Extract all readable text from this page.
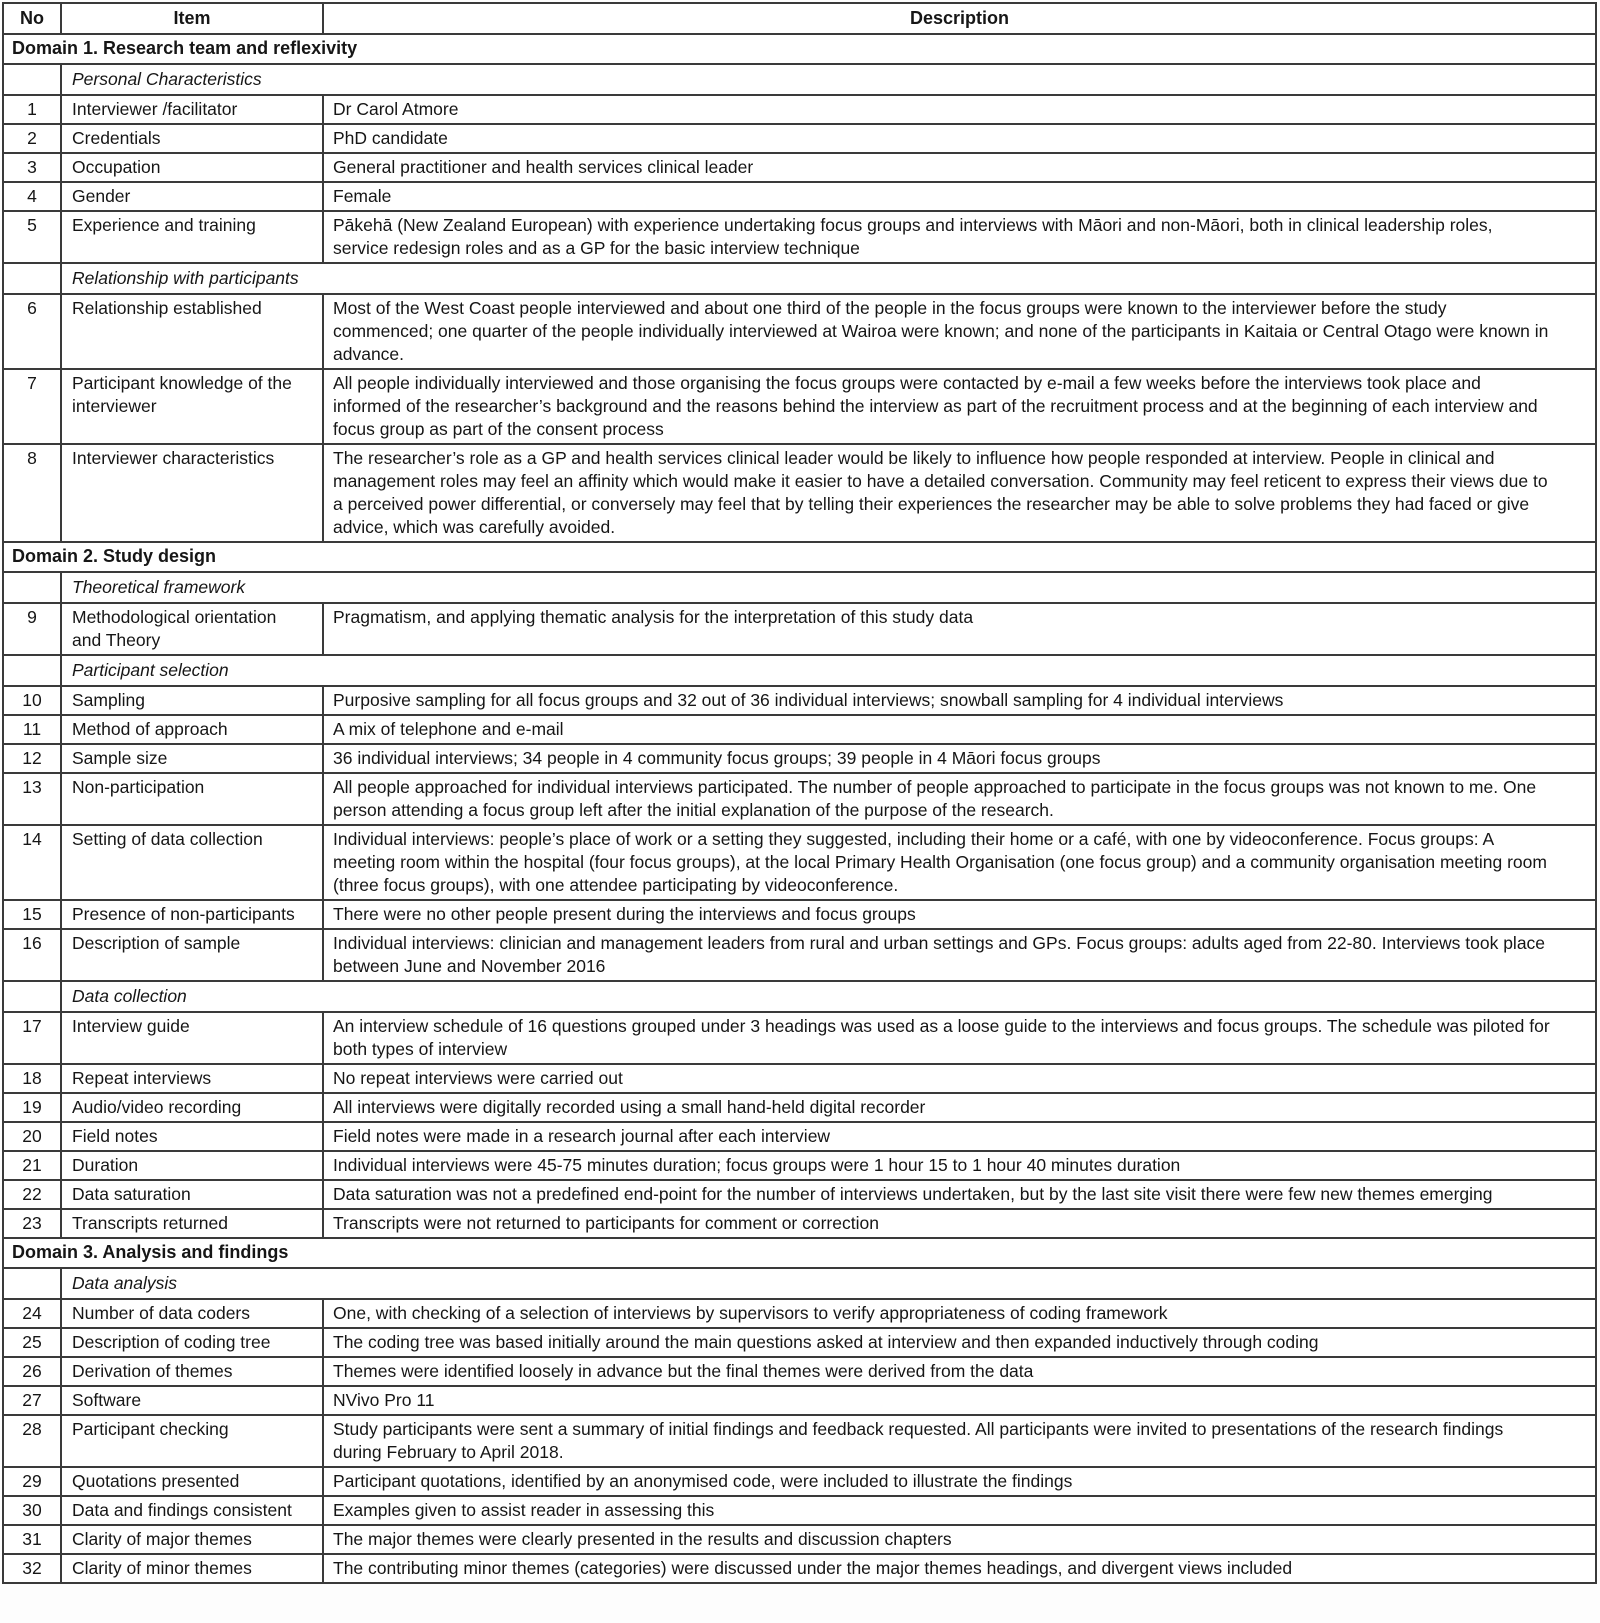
No	Item	Description
Domain 1. Research team and reflexivity		
	Personal Characteristics	
1	Interviewer /facilitator	Dr Carol Atmore
2	Credentials	PhD candidate
3	Occupation	General practitioner and health services clinical leader
4	Gender	Female
5	Experience and training	Pākehā (New Zealand European) with experience undertaking focus groups and interviews with Māori and non-Māori, both in clinical leadership roles, service redesign roles and as a GP for the basic interview technique
	Relationship with participants	
6	Relationship established	Most of the West Coast people interviewed and about one third of the people in the focus groups were known to the interviewer before the study commenced; one quarter of the people individually interviewed at Wairoa were known; and none of the participants in Kaitaia or Central Otago were known in advance.
7	Participant knowledge of the interviewer	All people individually interviewed and those organising the focus groups were contacted by e-mail a few weeks before the interviews took place and informed of the researcher’s background and the reasons behind the interview as part of the recruitment process and at the beginning of each interview and focus group as part of the consent process
8	Interviewer characteristics	The researcher’s role as a GP and health services clinical leader would be likely to influence how people responded at interview. People in clinical and management roles may feel an affinity which would make it easier to have a detailed conversation. Community may feel reticent to express their views due to a perceived power differential, or conversely may feel that by telling their experiences the researcher may be able to solve problems they had faced or give advice, which was carefully avoided.
Domain 2. Study design		
	Theoretical framework	
9	Methodological orientation and Theory	Pragmatism, and applying thematic analysis for the interpretation of this study data
	Participant selection	
10	Sampling	Purposive sampling for all focus groups and 32 out of 36 individual interviews; snowball sampling for 4 individual interviews
11	Method of approach	A mix of telephone and e-mail
12	Sample size	36 individual interviews; 34 people in 4 community focus groups; 39 people in 4 Māori focus groups
13	Non-participation	All people approached for individual interviews participated. The number of people approached to participate in the focus groups was not known to me. One person attending a focus group left after the initial explanation of the purpose of the research.
14	Setting of data collection	Individual interviews: people’s place of work or a setting they suggested, including their home or a café, with one by videoconference. Focus groups: A meeting room within the hospital (four focus groups), at the local Primary Health Organisation (one focus group) and a community organisation meeting room (three focus groups), with one attendee participating by videoconference.
15	Presence of non-participants	There were no other people present during the interviews and focus groups
16	Description of sample	Individual interviews: clinician and management leaders from rural and urban settings and GPs. Focus groups: adults aged from 22-80. Interviews took place between June and November 2016
	Data collection	
17	Interview guide	An interview schedule of 16 questions grouped under 3 headings was used as a loose guide to the interviews and focus groups. The schedule was piloted for both types of interview
18	Repeat interviews	No repeat interviews were carried out
19	Audio/video recording	All interviews were digitally recorded using a small hand-held digital recorder
20	Field notes	Field notes were made in a research journal after each interview
21	Duration	Individual interviews were 45-75 minutes duration; focus groups were 1 hour 15 to 1 hour 40 minutes duration
22	Data saturation	Data saturation was not a predefined end-point for the number of interviews undertaken, but by the last site visit there were few new themes emerging
23	Transcripts returned	Transcripts were not returned to participants for comment or correction
Domain 3. Analysis and findings		
	Data analysis	
24	Number of data coders	One, with checking of a selection of interviews by supervisors to verify appropriateness of coding framework
25	Description of coding tree	The coding tree was based initially around the main questions asked at interview and then expanded inductively through coding
26	Derivation of themes	Themes were identified loosely in advance but the final themes were derived from the data
27	Software	NVivo Pro 11
28	Participant checking	Study participants were sent a summary of initial findings and feedback requested. All participants were invited to presentations of the research findings during February to April 2018.
29	Quotations presented	Participant quotations, identified by an anonymised code, were included to illustrate the findings
30	Data and findings consistent	Examples given to assist reader in assessing this
31	Clarity of major themes	The major themes were clearly presented in the results and discussion chapters
32	Clarity of minor themes	The contributing minor themes (categories) were discussed under the major themes headings, and divergent views included
